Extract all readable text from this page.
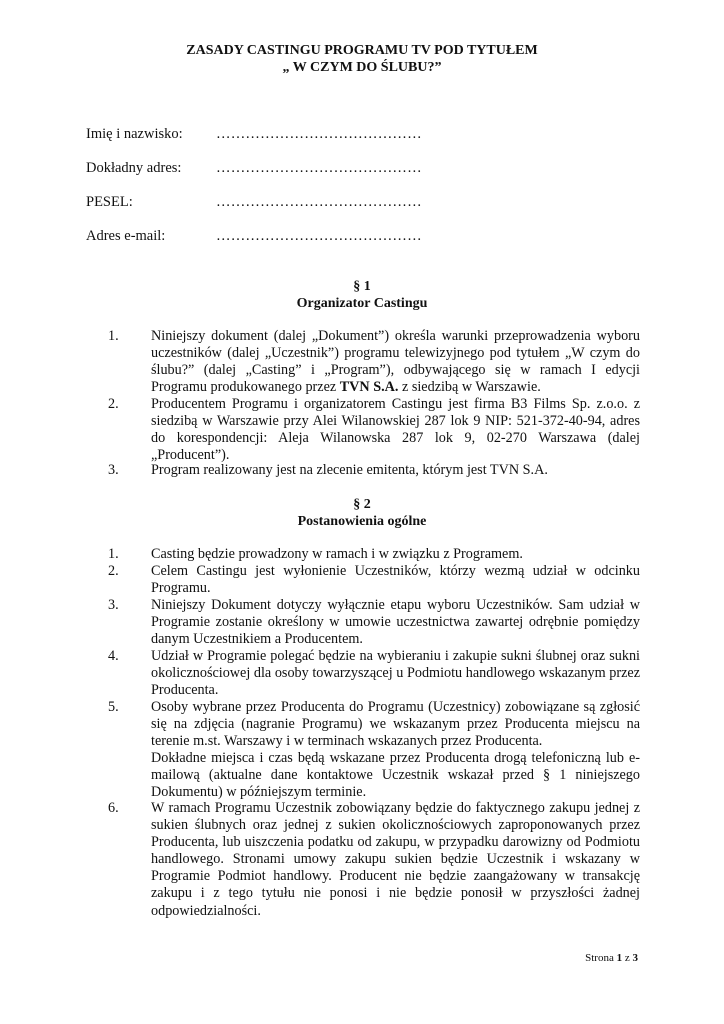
ZASADY CASTINGU PROGRAMU TV POD TYTUŁEM
„ W CZYM DO ŚLUBU?”
Imię i nazwisko: ……………………………………
Dokładny adres: ……………………………………
PESEL:	……………………………………
Adres e-mail:	……………………………………
§ 1
Organizator Castingu
1. Niniejszy dokument (dalej „Dokument”) określa warunki przeprowadzenia wyboru uczestników (dalej „Uczestnik”) programu telewizyjnego pod tytułem „W czym do ślubu?” (dalej „Casting” i „Program”), odbywającego się w ramach I edycji Programu produkowanego przez TVN S.A. z siedzibą w Warszawie.
2. Producentem Programu i organizatorem Castingu jest firma B3 Films Sp. z.o.o. z siedzibą w Warszawie przy Alei Wilanowskiej 287 lok 9 NIP: 521-372-40-94, adres do korespondencji: Aleja Wilanowska 287 lok 9, 02-270 Warszawa (dalej „Producent”).
3. Program realizowany jest na zlecenie emitenta, którym jest TVN S.A.
§ 2
Postanowienia ogólne
1. Casting będzie prowadzony w ramach i w związku z Programem.
2. Celem Castingu jest wyłonienie Uczestników, którzy wezmą udział w odcinku Programu.
3. Niniejszy Dokument dotyczy wyłącznie etapu wyboru Uczestników. Sam udział w Programie zostanie określony w umowie uczestnictwa zawartej odrębnie pomiędzy danym Uczestnikiem a Producentem.
4. Udział w Programie polegać będzie na wybieraniu i zakupie sukni ślubnej oraz sukni okolicznościowej dla osoby towarzyszącej u Podmiotu handlowego wskazanym przez Producenta.
5. Osoby wybrane przez Producenta do Programu (Uczestnicy) zobowiązane są zgłosić się na zdjęcia (nagranie Programu) we wskazanym przez Producenta miejscu na terenie m.st. Warszawy i w terminach wskazanych przez Producenta.
Dokładne miejsca i czas będą wskazane przez Producenta drogą telefoniczną lub e-mailową (aktualne dane kontaktowe Uczestnik wskazał przed § 1 niniejszego Dokumentu) w późniejszym terminie.
6. W ramach Programu Uczestnik zobowiązany będzie do faktycznego zakupu jednej z sukien ślubnych oraz jednej z sukien okolicznościowych zaproponowanych przez Producenta, lub uiszczenia podatku od zakupu, w przypadku darowizny od Podmiotu handlowego. Stronami umowy zakupu sukien będzie Uczestnik i wskazany w Programie Podmiot handlowy. Producent nie będzie zaangażowany w transakcję zakupu i z tego tytułu nie ponosi i nie będzie ponosił w przyszłości żadnej odpowiedzialności.
Strona 1 z 3
